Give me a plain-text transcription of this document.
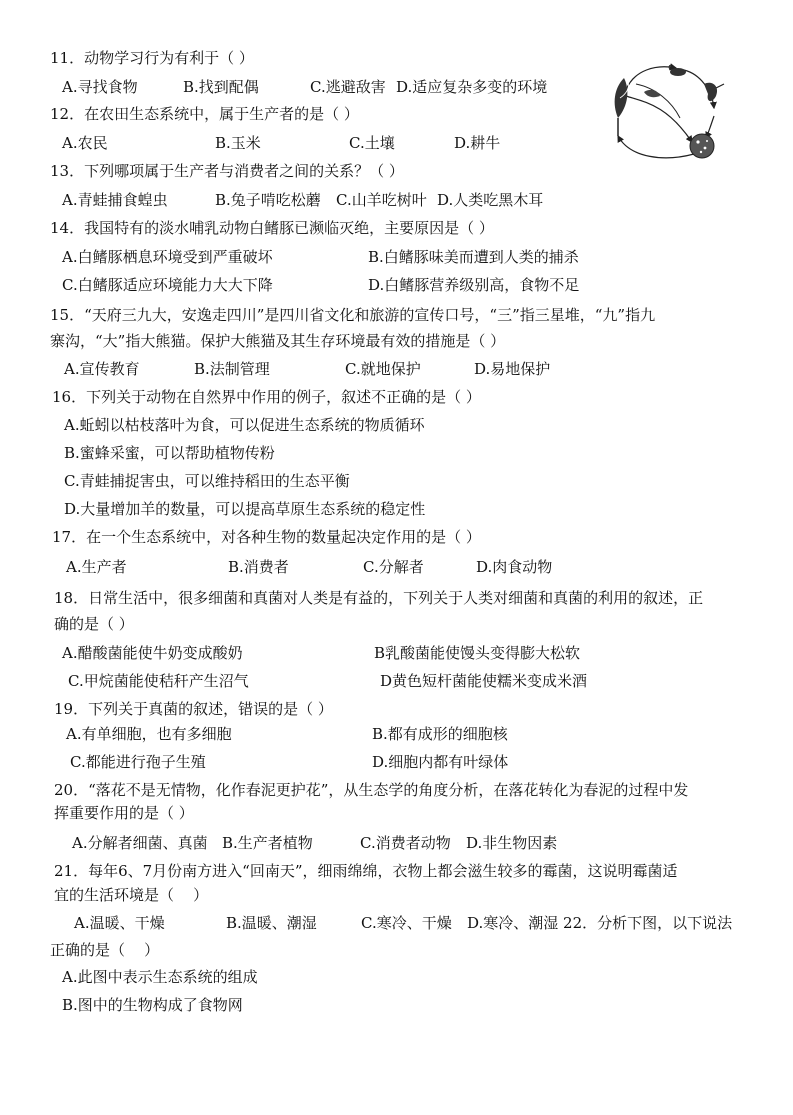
11．动物学习行为有利于（ ）

A.寻找食物

	B.找到配偶

	C.逃避敌害

D.适应复杂多变的环境

12．在农田生态系统中，属于生产者的是（ ）

A.农民

	B.玉米

	C.土壤

	D.耕牛

13．下列哪项属于生产者与消费者之间的关系？（ ）

A.青蛙捕食蝗虫

	B.兔子啃吃松蘑

C.山羊吃树叶

D.人类吃黑木耳

14．我国特有的淡水哺乳动物白鳍豚已濒临灭绝，主要原因是（ ）

A.白鳍豚栖息环境受到严重破坏

	B.白鳍豚味美而遭到人类的捕杀

C.白鳍豚适应环境能力大大下降

	D.白鳍豚营养级别高，食物不足

15．“天府三九大，安逸走四川”是四川省文化和旅游的宣传口号，“三”指三星堆，“九”指九
寨沟，“大”指大熊猫。保护大熊猫及其生存环境最有效的措施是（ ）

A.宣传教育

	B.法制管理

	C.就地保护

	D.易地保护

16．下列关于动物在自然界中作用的例子，叙述不正确的是（ ）
A.蚯蚓以枯枝落叶为食，可以促进生态系统的物质循环
B.蜜蜂采蜜，可以帮助植物传粉
C.青蛙捕捉害虫，可以维持稻田的生态平衡
D.大量增加羊的数量，可以提高草原生态系统的稳定性
17．在一个生态系统中，对各种生物的数量起决定作用的是（ ）

A.生产者

	B.消费者

	C.分解者

	D.肉食动物

18．日常生活中，很多细菌和真菌对人类是有益的，下列关于人类对细菌和真菌的利用的叙述，正
确的是（ ）

A.醋酸菌能使牛奶变成酸奶

	B乳酸菌能使馒头变得膨大松软

C.甲烷菌能使秸秆产生沼气

	D黄色短杆菌能使糯米变成米酒

19．下列关于真菌的叙述，错误的是（ ）

A.有单细胞，也有多细胞

	B.都有成形的细胞核

C.都能进行孢子生殖

	D.细胞内都有叶绿体

20．“落花不是无情物，化作春泥更护花”，从生态学的角度分析，在落花转化为春泥的过程中发
挥重要作用的是（ ）

A.分解者细菌、真菌

B.生产者植物

	C.消费者动物

D.非生物因素

21．每年6、7月份南方进入“回南天”，细雨绵绵，衣物上都会滋生较多的霉菌，这说明霉菌适
宜的生活环境是（    ）

A.温暖、干燥

	B.温暖、潮湿

	C.寒冷、干燥

D.寒冷、潮湿 22．分析下图，以下说法

正确的是（    ）
A.此图中表示生态系统的组成
B.图中的生物构成了食物网
